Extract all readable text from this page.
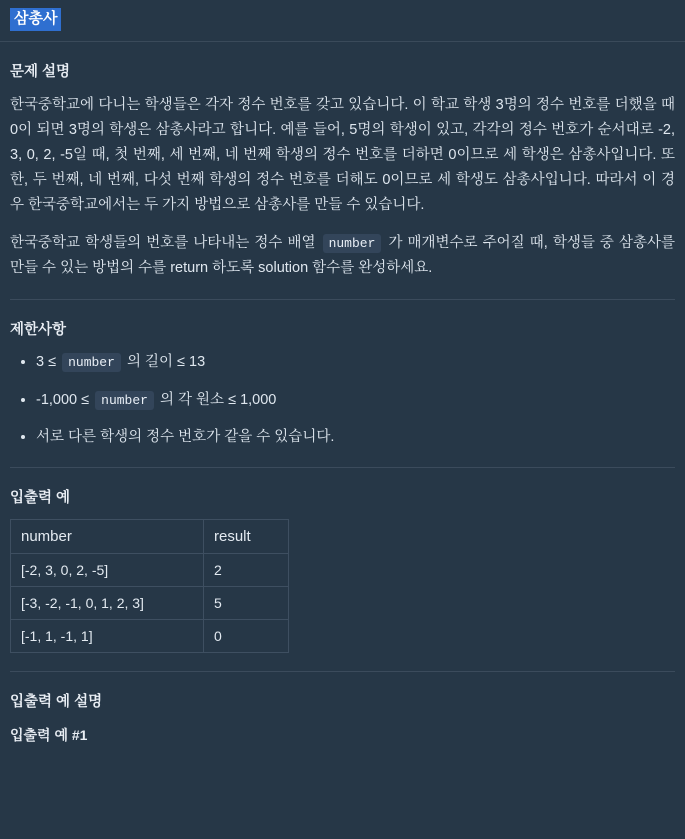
삼총사
문제 설명

한국중학교에 다니는 학생들은 각자 정수 번호를 갖고 있습니다. 이 학교 학생 3명의 정수 번호를 더했을 때 0이 되면 3명의 학생은 삼총사라고 합니다. 예를 들어, 5명의 학생이 있고, 각각의 정수 번호가 순서대로 -2, 3, 0, 2, -5일 때, 첫 번째, 세 번째, 네 번째 학생의 정수 번호를 더하면 0이므로 세 학생은 삼총사입니다. 또한, 두 번째, 네 번째, 다섯 번째 학생의 정수 번호를 더해도 0이므로 세 학생도 삼총사입니다. 따라서 이 경우 한국중학교에서는 두 가지 방법으로 삼총사를 만들 수 있습니다.

한국중학교 학생들의 번호를 나타내는 정수 배열 number 가 매개변수로 주어질 때, 학생들 중 삼총사를 만들 수 있는 방법의 수를 return 하도록 solution 함수를 완성하세요.

제한사항
• 3 ≤ number 의 길이 ≤ 13
• -1,000 ≤ number 의 각 원소 ≤ 1,000
• 서로 다른 학생의 정수 번호가 같을 수 있습니다.
입출력 예
number	result
[-2, 3, 0, 2, -5]	2
[-3, -2, -1, 0, 1, 2, 3]	5
[-1, 1, -1, 1]	0
입출력 예 설명
입출력 예 #1
